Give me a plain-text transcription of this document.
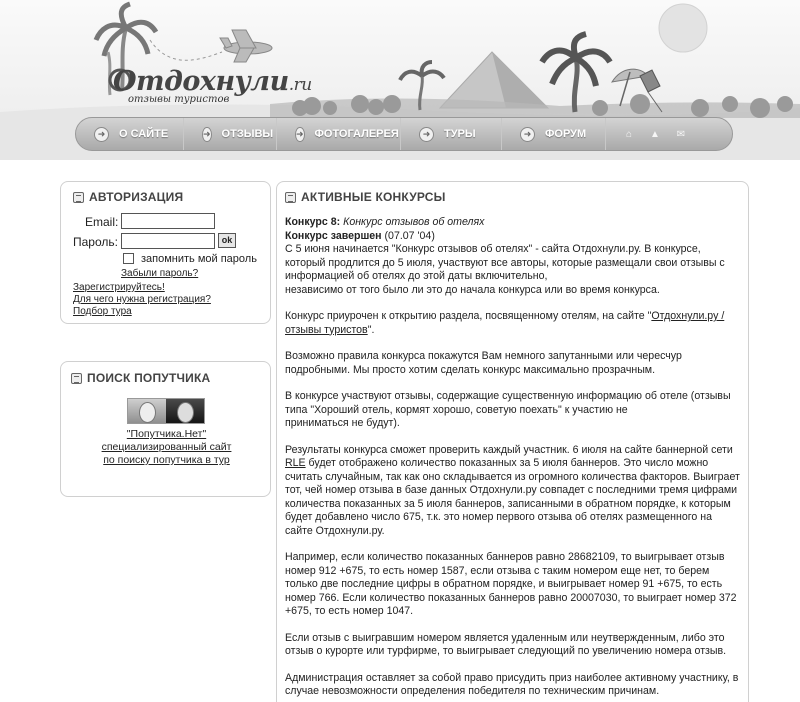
Отдохнули.ru
отзывы туристов
➜	О САЙТЕ	➜ ОТЗЫВЫ	➜ ФОТОГАЛЕРЕЯ	➜	ТУРЫ	➜	ФОРУМ	⌂	▲	✉
АВТОРИЗАЦИЯ
Email:
Пароль:	ok
запомнить мой пароль
Забыли пароль?
Зарегистрируйтесь!
Для чего нужна регистрация?
Подбор тура
ПОИСК ПОПУТЧИКА
"Попутчика.Нет"
специализированный сайт
по поиску попутчика в тур
АКТИВНЫЕ КОНКУРСЫ

Конкурс 8: Конкурс отзывов об отелях

Конкурс завершен (07.07 '04)

С 5 июня начинается "Конкурс отзывов об отелях" - сайта Отдохнули.ру. В конкурсе, который продлится до 5 июля, участвуют все авторы, которые размещали свои отзывы с информацией об отелях до этой даты включительно,

независимо от того было ли это до начала конкурса или во время конкурса.

Конкурс приурочен к открытию раздела, посвященному отелям, на сайте "Отдохнули.ру / отзывы туристов".

Возможно правила конкурса покажутся Вам немного запутанными или чересчур подробными. Мы просто хотим сделать конкурс максимально прозрачным.

В конкурсе участвуют отзывы, содержащие существенную информацию об отеле (отзывы типа "Хороший отель, кормят хорошо, советую поехать" к участию не

приниматься не будут).

Результаты конкурса сможет проверить каждый участник. 6 июля на сайте баннерной сети RLE будет отображено количество показанных за 5 июля баннеров. Это число можно считать случайным, так как оно складывается из огромного количества факторов. Выиграет тот, чей номер отзыва в базе данных Отдохнули.ру совпадет с последними тремя цифрами количества показанных за 5 июля баннеров, записанными в обратном порядке, к которым будет добавлено число 675, т.к. это номер первого отзыва об отелях размещенного на сайте Отдохнули.ру.

Например, если количество показанных баннеров равно 28682109, то выигрывает отзыв номер 912 +675, то есть номер 1587, если отзыва с таким номером еще нет, то берем только две последние цифры в обратном порядке, и выигрывает номер 91 +675, то есть номер 766. Если количество показанных баннеров равно 20007030, то выиграет номер 372 +675, то есть номер 1047.

Если отзыв с выигравшим номером является удаленным или неутвержденным, либо это отзыв о курорте или турфирме, то выигрывает следующий по увеличению номера отзыв.

Администрация оставляет за собой право присудить приз наиболее активному участнику, в случае невозможности определения победителя по техническим причинам.
